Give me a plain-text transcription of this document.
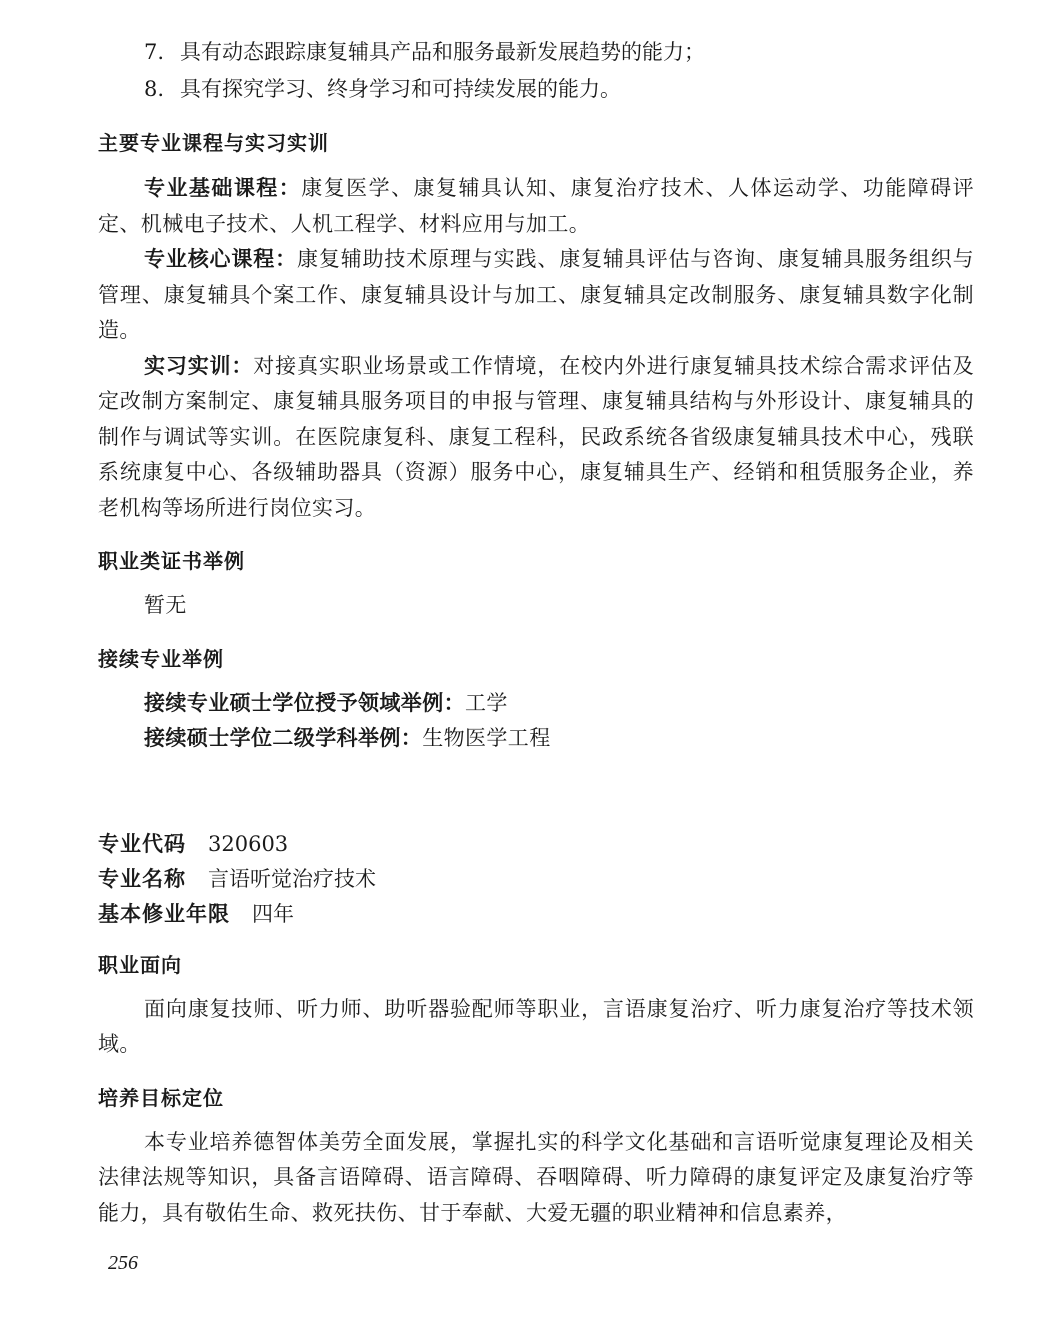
7. 具有动态跟踪康复辅具产品和服务最新发展趋势的能力；
8. 具有探究学习、终身学习和可持续发展的能力。
主要专业课程与实习实训
专业基础课程：康复医学、康复辅具认知、康复治疗技术、人体运动学、功能障碍评定、机械电子技术、人机工程学、材料应用与加工。
专业核心课程：康复辅助技术原理与实践、康复辅具评估与咨询、康复辅具服务组织与管理、康复辅具个案工作、康复辅具设计与加工、康复辅具定改制服务、康复辅具数字化制造。
实习实训：对接真实职业场景或工作情境，在校内外进行康复辅具技术综合需求评估及定改制方案制定、康复辅具服务项目的申报与管理、康复辅具结构与外形设计、康复辅具的制作与调试等实训。在医院康复科、康复工程科，民政系统各省级康复辅具技术中心，残联系统康复中心、各级辅助器具（资源）服务中心，康复辅具生产、经销和租赁服务企业，养老机构等场所进行岗位实习。
职业类证书举例
暂无
接续专业举例
接续专业硕士学位授予领域举例：工学
接续硕士学位二级学科举例：生物医学工程
专业代码 320603
专业名称 言语听觉治疗技术
基本修业年限 四年
职业面向
面向康复技师、听力师、助听器验配师等职业，言语康复治疗、听力康复治疗等技术领域。
培养目标定位
本专业培养德智体美劳全面发展，掌握扎实的科学文化基础和言语听觉康复理论及相关法律法规等知识，具备言语障碍、语言障碍、吞咽障碍、听力障碍的康复评定及康复治疗等能力，具有敬佑生命、救死扶伤、甘于奉献、大爱无疆的职业精神和信息素养，
256
